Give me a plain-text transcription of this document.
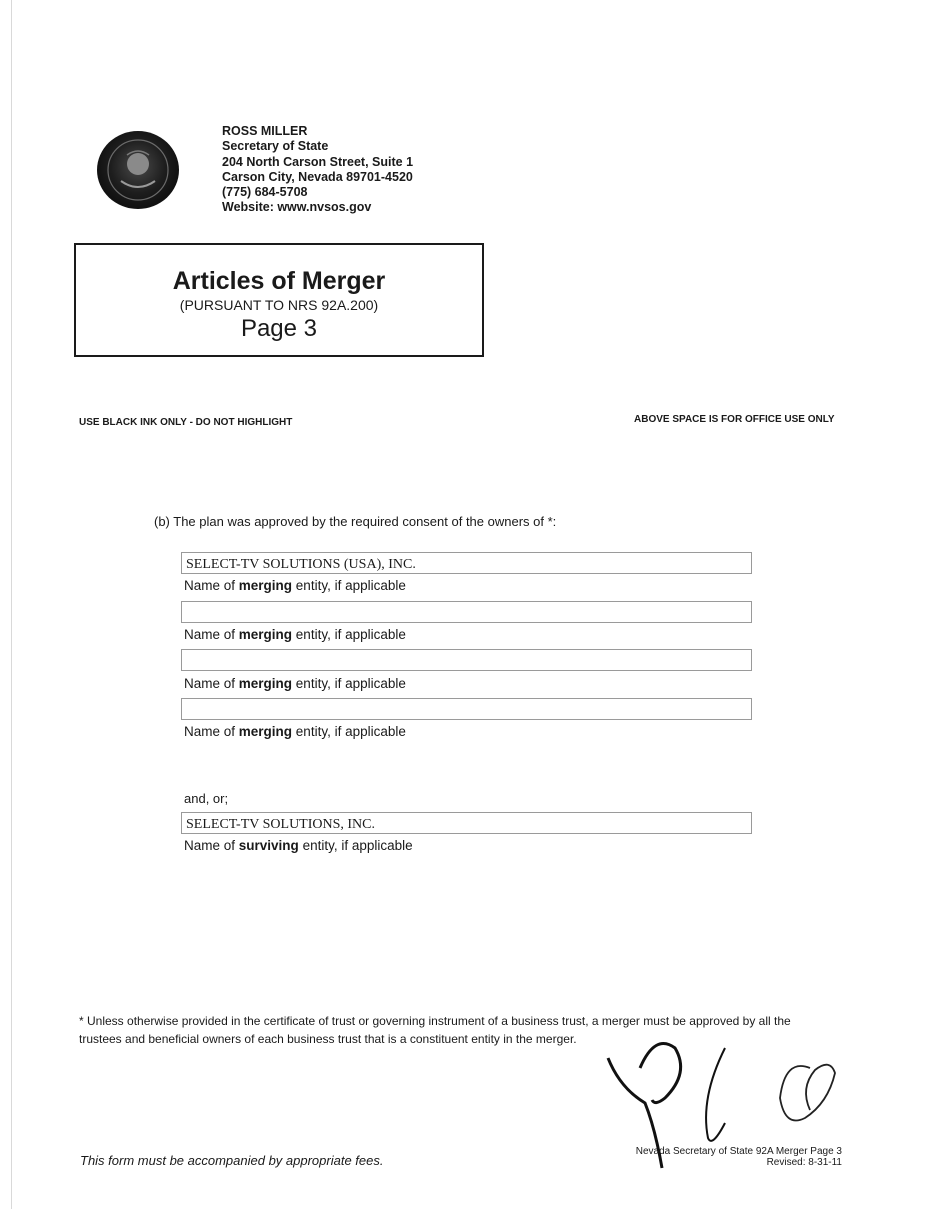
ROSS MILLER
Secretary of State
204 North Carson Street, Suite 1
Carson City, Nevada 89701-4520
(775) 684-5708
Website: www.nvsos.gov
Articles of Merger
(PURSUANT TO NRS 92A.200)
Page 3
USE BLACK INK ONLY - DO NOT HIGHLIGHT	ABOVE SPACE IS FOR OFFICE USE ONLY
(b) The plan was approved by the required consent of the owners of *:
SELECT-TV SOLUTIONS (USA), INC.
Name of merging entity, if applicable
Name of merging entity, if applicable
Name of merging entity, if applicable
Name of merging entity, if applicable
and, or;
SELECT-TV SOLUTIONS, INC.
Name of surviving entity, if applicable
* Unless otherwise provided in the certificate of trust or governing instrument of a business trust, a merger must be approved by all the trustees and beneficial owners of each business trust that is a constituent entity in the merger.
This form must be accompanied by appropriate fees.
Nevada Secretary of State 92A Merger Page 3
Revised: 8-31-11
